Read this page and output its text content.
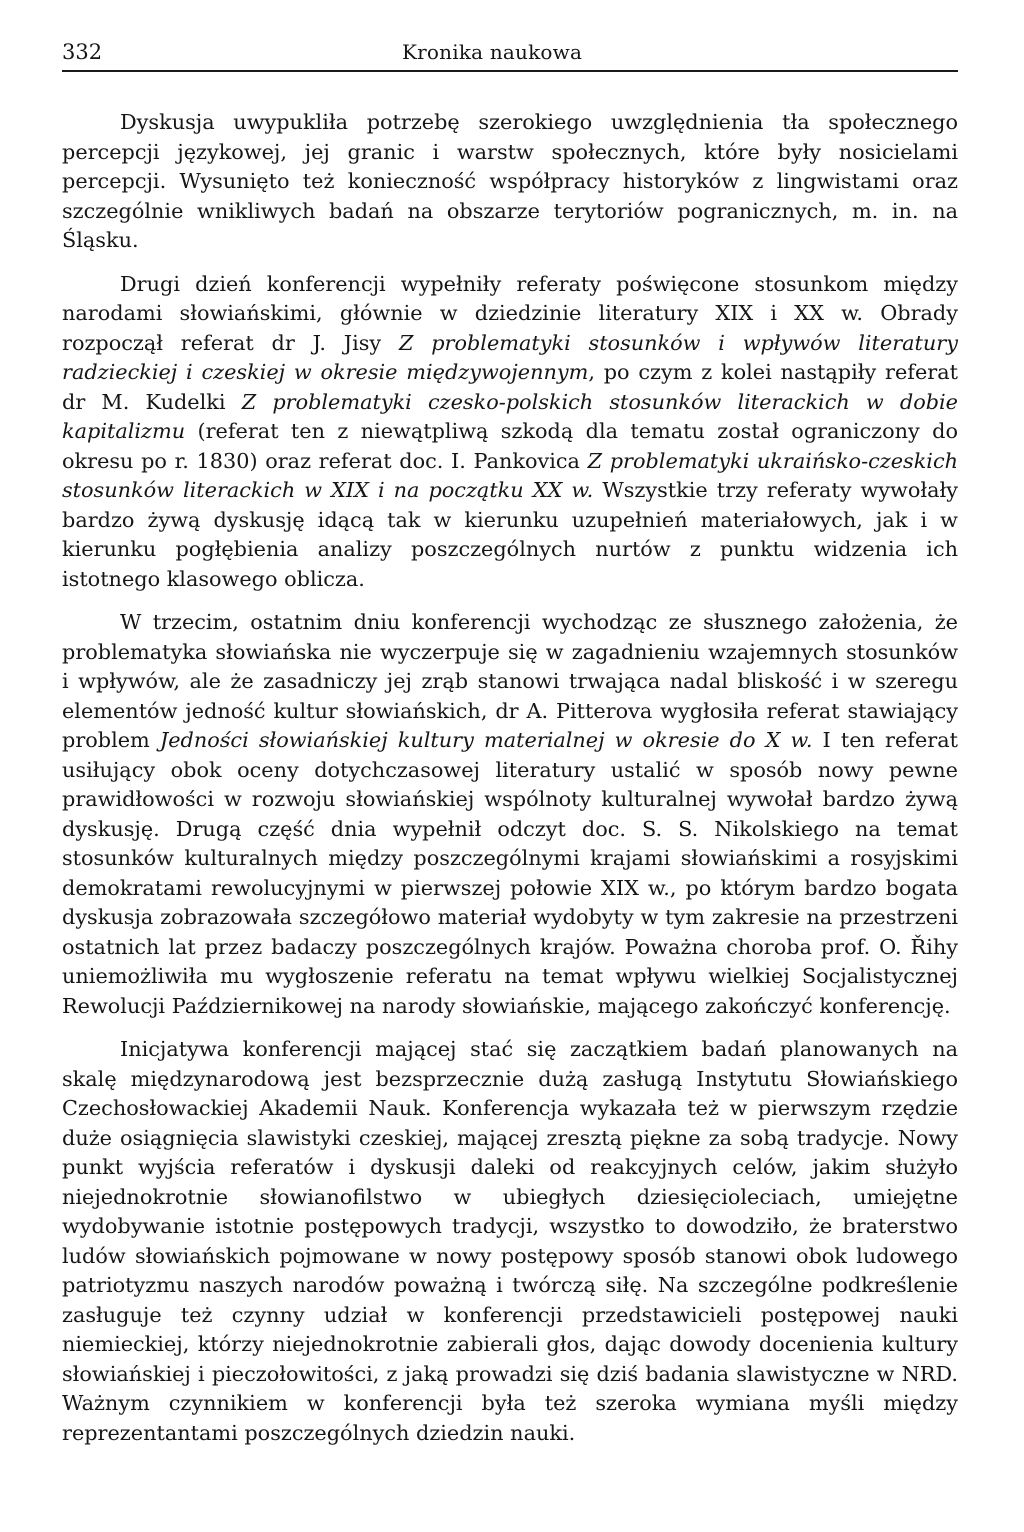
332	Kronika naukowa

Dyskusja uwypukliła potrzebę szerokiego uwzględnienia tła społecznego percepcji językowej, jej granic i warstw społecznych, które były nosicielami percepcji. Wysunięto też konieczność współpracy historyków z lingwistami oraz szczególnie wnikliwych badań na obszarze terytoriów pogranicznych, m. in. na Śląsku.

Drugi dzień konferencji wypełniły referaty poświęcone stosunkom między narodami słowiańskimi, głównie w dziedzinie literatury XIX i XX w. Obrady rozpoczął referat dr J. Jisy Z problematyki stosunków i wpływów literatury radzieckiej i czeskiej w okresie międzywojennym, po czym z kolei nastąpiły referat dr M. Kudelki Z problematyki czesko-polskich stosunków literackich w dobie kapitalizmu (referat ten z niewątpliwą szkodą dla tematu został ograniczony do okresu po r. 1830) oraz referat doc. I. Pankovica Z problematyki ukraińsko-czeskich stosunków literackich w XIX i na początku XX w. Wszystkie trzy referaty wywołały bardzo żywą dyskusję idącą tak w kierunku uzupełnień materiałowych, jak i w kierunku pogłębienia analizy poszczególnych nurtów z punktu widzenia ich istotnego klasowego oblicza.

W trzecim, ostatnim dniu konferencji wychodząc ze słusznego założenia, że problematyka słowiańska nie wyczerpuje się w zagadnieniu wzajemnych stosunków i wpływów, ale że zasadniczy jej zrąb stanowi trwająca nadal bliskość i w szeregu elementów jedność kultur słowiańskich, dr A. Pitterova wygłosiła referat stawiający problem Jedności słowiańskiej kultury materialnej w okresie do X w. I ten referat usiłujący obok oceny dotychczasowej literatury ustalić w sposób nowy pewne prawidłowości w rozwoju słowiańskiej wspólnoty kulturalnej wywołał bardzo żywą dyskusję. Drugą część dnia wypełnił odczyt doc. S. S. Nikolskiego na temat stosunków kulturalnych między poszczególnymi krajami słowiańskimi a rosyjskimi demokratami rewolucyjnymi w pierwszej połowie XIX w., po którym bardzo bogata dyskusja zobrazowała szczegółowo materiał wydobyty w tym zakresie na przestrzeni ostatnich lat przez badaczy poszczególnych krajów. Poważna choroba prof. O. Řihy uniemożliwiła mu wygłoszenie referatu na temat wpływu wielkiej Socjalistycznej Rewolucji Październikowej na narody słowiańskie, mającego zakończyć konferencję.

Inicjatywa konferencji mającej stać się zaczątkiem badań planowanych na skalę międzynarodową jest bezsprzecznie dużą zasługą Instytutu Słowiańskiego Czechosłowackiej Akademii Nauk. Konferencja wykazała też w pierwszym rzędzie duże osiągnięcia slawistyki czeskiej, mającej zresztą piękne za sobą tradycje. Nowy punkt wyjścia referatów i dyskusji daleki od reakcyjnych celów, jakim służyło niejednokrotnie słowianofilstwo w ubiegłych dziesięcioleciach, umiejętne wydobywanie istotnie postępowych tradycji, wszystko to dowodziło, że braterstwo ludów słowiańskich pojmowane w nowy postępowy sposób stanowi obok ludowego patriotyzmu naszych narodów poważną i twórczą siłę. Na szczególne podkreślenie zasługuje też czynny udział w konferencji przedstawicieli postępowej nauki niemieckiej, którzy niejednokrotnie zabierali głos, dając dowody docenienia kultury słowiańskiej i pieczołowitości, z jaką prowadzi się dziś badania slawistyczne w NRD. Ważnym czynnikiem w konferencji była też szeroka wymiana myśli między reprezentantami poszczególnych dziedzin nauki.
